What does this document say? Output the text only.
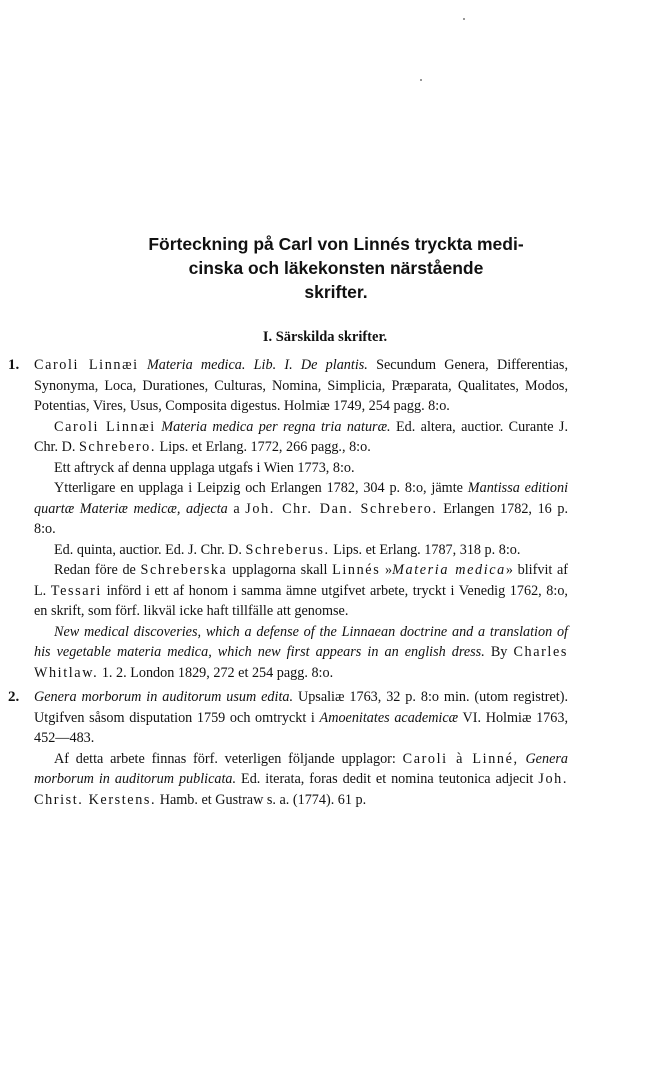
Förteckning på Carl von Linnés tryckta medi-
cinska och läkekonsten närstående
skrifter.
I. Särskilda skrifter.
1. Caroli Linnæi Materia medica. Lib. I. De plantis. Secundum Genera, Differentias, Synonyma, Loca, Durationes, Culturas, Nomina, Simplicia, Præparata, Qualitates, Modos, Potentias, Vires, Usus, Composita digestus. Holmiæ 1749, 254 pagg. 8:o.

Caroli Linnæi Materia medica per regna tria naturæ. Ed. altera, auctior. Curante J. Chr. D. Schrebero. Lips. et Erlang. 1772, 266 pagg., 8:o.

Ett aftryck af denna upplaga utgafs i Wien 1773, 8:o.

Ytterligare en upplaga i Leipzig och Erlangen 1782, 304 p. 8:o, jämte Mantissa editioni quartæ Materiæ medicæ, adjecta a Joh. Chr. Dan. Schrebero. Erlangen 1782, 16 p. 8:o.

Ed. quinta, auctior. Ed. J. Chr. D. Schreberus. Lips. et Erlang. 1787, 318 p. 8:o.

Redan före de Schreberska upplagorna skall Linnés »Materia medica» blifvit af L. Tessari införd i ett af honom i samma ämne utgifvet arbete, tryckt i Venedig 1762, 8:o, en skrift, som förf. likväl icke haft tillfälle att genomse.

New medical discoveries, which a defense of the Linnaean doctrine and a translation of his vegetable materia medica, which new first appears in an english dress. By Charles Whitlaw. 1. 2. London 1829, 272 et 254 pagg. 8:o.

2. Genera morborum in auditorum usum edita. Upsaliæ 1763, 32 p. 8:o min. (utom registret). Utgifven såsom disputation 1759 och omtryckt i Amoenitates academicæ VI. Holmiæ 1763, 452—483.

Af detta arbete finnas förf. veterligen följande upplagor: Caroli à Linné, Genera morborum in auditorum publicata. Ed. iterata, foras dedit et nomina teutonica adjecit Joh. Christ. Kerstens. Hamb. et Gustraw s. a. (1774). 61 p.
